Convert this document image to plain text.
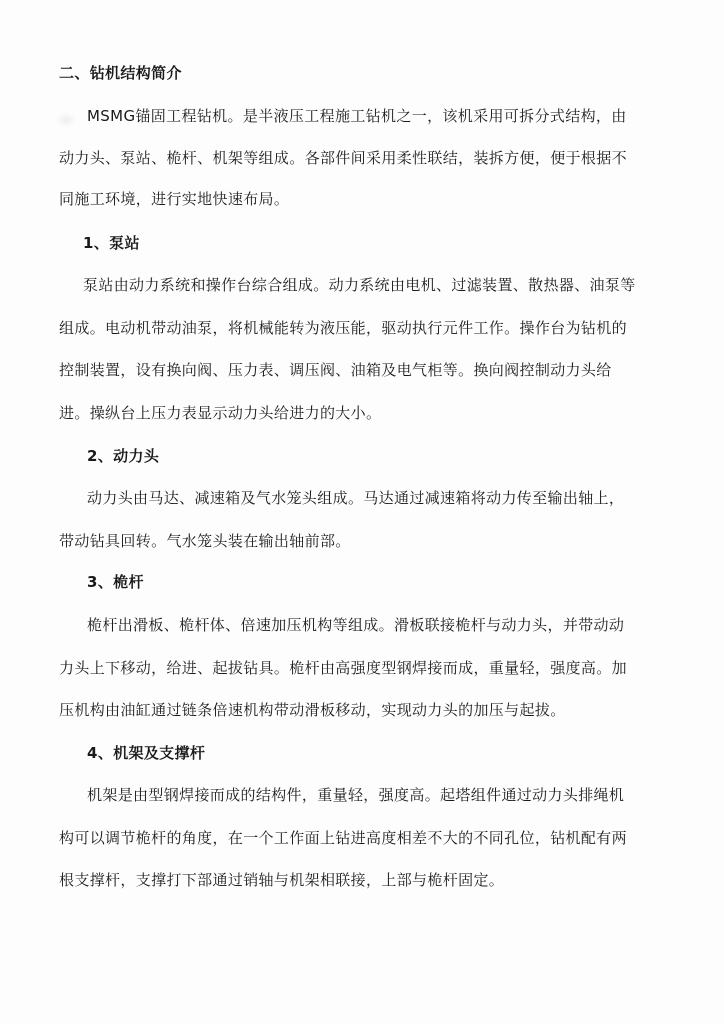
二、钻机结构简介
MSMG锚固工程钻机。是半液压工程施工钻机之一，该机采用可拆分式结构，由
动力头、泵站、桅杆、机架等组成。各部件间采用柔性联结，装拆方便，便于根据不
同施工环境，进行实地快速布局。
1、泵站
泵站由动力系统和操作台综合组成。动力系统由电机、过滤装置、散热器、油泵等
组成。电动机带动油泵，将机械能转为液压能，驱动执行元件工作。操作台为钻机的
控制装置，设有换向阀、压力表、调压阀、油箱及电气柜等。换向阀控制动力头给
进。操纵台上压力表显示动力头给进力的大小。
2、动力头
动力头由马达、减速箱及气水笼头组成。马达通过减速箱将动力传至输出轴上，
带动钻具回转。气水笼头装在输出轴前部。
3、桅杆
桅杆出滑板、桅杆体、倍速加压机构等组成。滑板联接桅杆与动力头，并带动动
力头上下移动，给进、起拔钻具。桅杆由高强度型钢焊接而成，重量轻，强度高。加
压机构由油缸通过链条倍速机构带动滑板移动，实现动力头的加压与起拔。
4、机架及支撑杆
机架是由型钢焊接而成的结构件，重量轻，强度高。起塔组件通过动力头排绳机
构可以调节桅杆的角度，在一个工作面上钻进高度相差不大的不同孔位，钻机配有两
根支撑杆，支撑打下部通过销轴与机架相联接，上部与桅杆固定。
